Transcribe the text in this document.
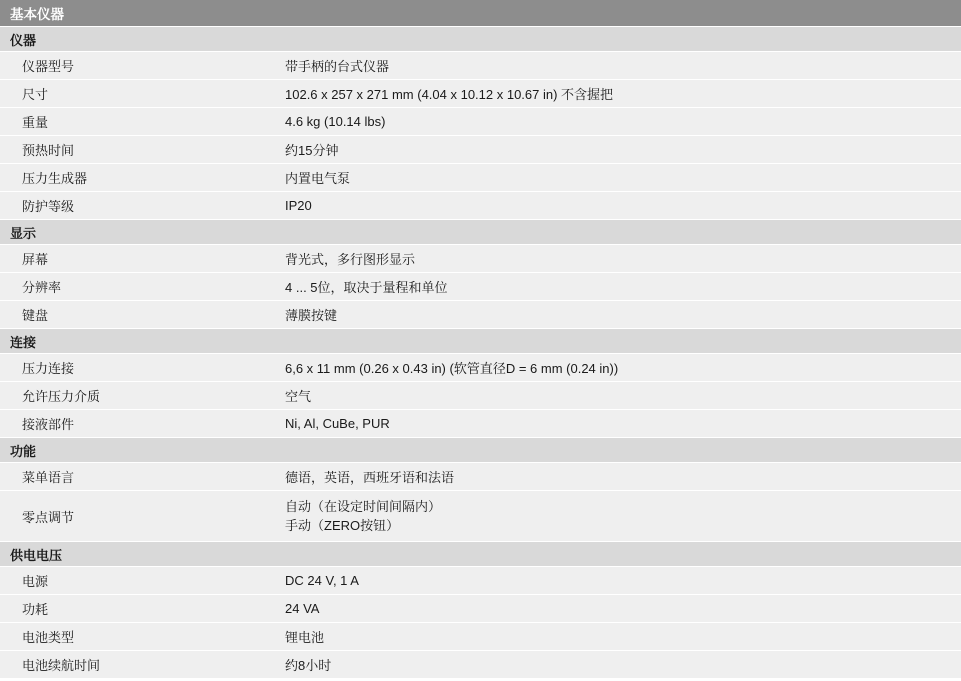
基本仪器	
仪器	
仪器型号	带手柄的台式仪器
尺寸	102.6 x 257 x 271 mm (4.04 x 10.12 x 10.67 in) 不含握把
重量	4.6 kg (10.14 lbs)
预热时间	约15分钟
压力生成器	内置电气泵
防护等级	IP20
显示	
屏幕	背光式，多行图形显示
分辨率	4 ... 5位，取决于量程和单位
键盘	薄膜按键
连接	
压力连接	6,6 x 11 mm (0.26 x 0.43 in) (软管直径D = 6 mm (0.24 in))
允许压力介质	空气
接液部件	Ni, Al, CuBe, PUR
功能	
菜单语言	德语，英语，西班牙语和法语
零点调节	自动（在设定时间间隔内）
手动（ZERO按钮）

供电电压	
电源	DC 24 V, 1 A
功耗	24 VA
电池类型	锂电池
电池续航时间	约8小时
